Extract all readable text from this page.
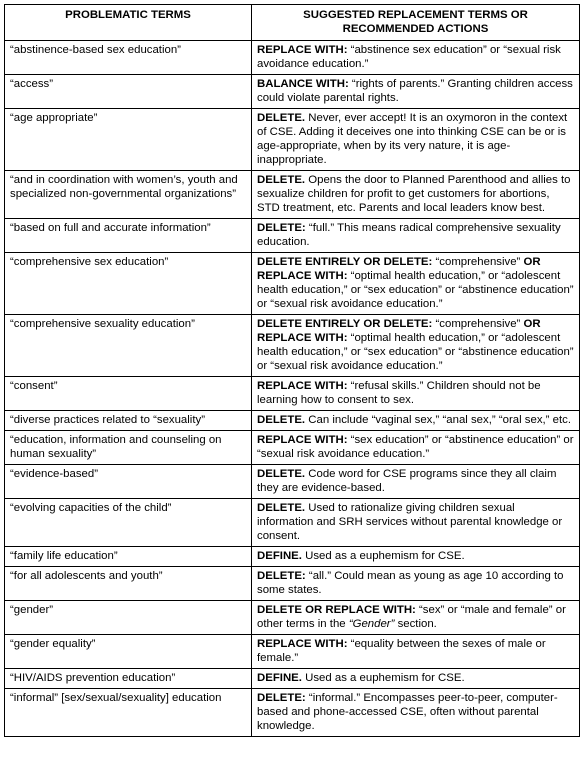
PROBLEMATIC TERMS	SUGGESTED REPLACEMENT TERMS OR RECOMMENDED ACTIONS
“abstinence-based sex education”	REPLACE WITH: “abstinence sex education” or “sexual risk avoidance education.”
“access”	BALANCE WITH: “rights of parents.” Granting children access could violate parental rights.
“age appropriate”	DELETE. Never, ever accept! It is an oxymoron in the context of CSE. Adding it deceives one into thinking CSE can be or is age-appropriate, when by its very nature, it is age-inappropriate.
“and in coordination with women’s, youth and specialized non-governmental organizations”	DELETE. Opens the door to Planned Parenthood and allies to sexualize children for profit to get customers for abortions, STD treatment, etc. Parents and local leaders know best.
“based on full and accurate information”	DELETE: “full.” This means radical comprehensive sexuality education.
“comprehensive sex education”	DELETE ENTIRELY OR DELETE: “comprehensive” OR REPLACE WITH: “optimal health education,” or “adolescent health education,” or “sex education” or “abstinence education” or “sexual risk avoidance education.”
“comprehensive sexuality education”	DELETE ENTIRELY OR DELETE: “comprehensive” OR REPLACE WITH: “optimal health education,” or “adolescent health education,” or “sex education” or “abstinence education” or “sexual risk avoidance education.”
“consent”	REPLACE WITH: “refusal skills.” Children should not be learning how to consent to sex.
“diverse practices related to “sexuality”	DELETE. Can include “vaginal sex,” “anal sex,” “oral sex,” etc.
“education, information and counseling on human sexuality”	REPLACE WITH: “sex education” or “abstinence education” or “sexual risk avoidance education.”
“evidence-based”	DELETE. Code word for CSE programs since they all claim they are evidence-based.
“evolving capacities of the child”	DELETE. Used to rationalize giving children sexual information and SRH services without parental knowledge or consent.
“family life education”	DEFINE. Used as a euphemism for CSE.
“for all adolescents and youth”	DELETE: “all.” Could mean as young as age 10 according to some states.
“gender”	DELETE OR REPLACE WITH: “sex” or “male and female” or other terms in the “Gender” section.
“gender equality”	REPLACE WITH: “equality between the sexes of male or female.”
“HIV/AIDS prevention education”	DEFINE. Used as a euphemism for CSE.
“informal” [sex/sexual/sexuality] education	DELETE: “informal.” Encompasses peer-to-peer, computer-based and phone-accessed CSE, often without parental knowledge.
